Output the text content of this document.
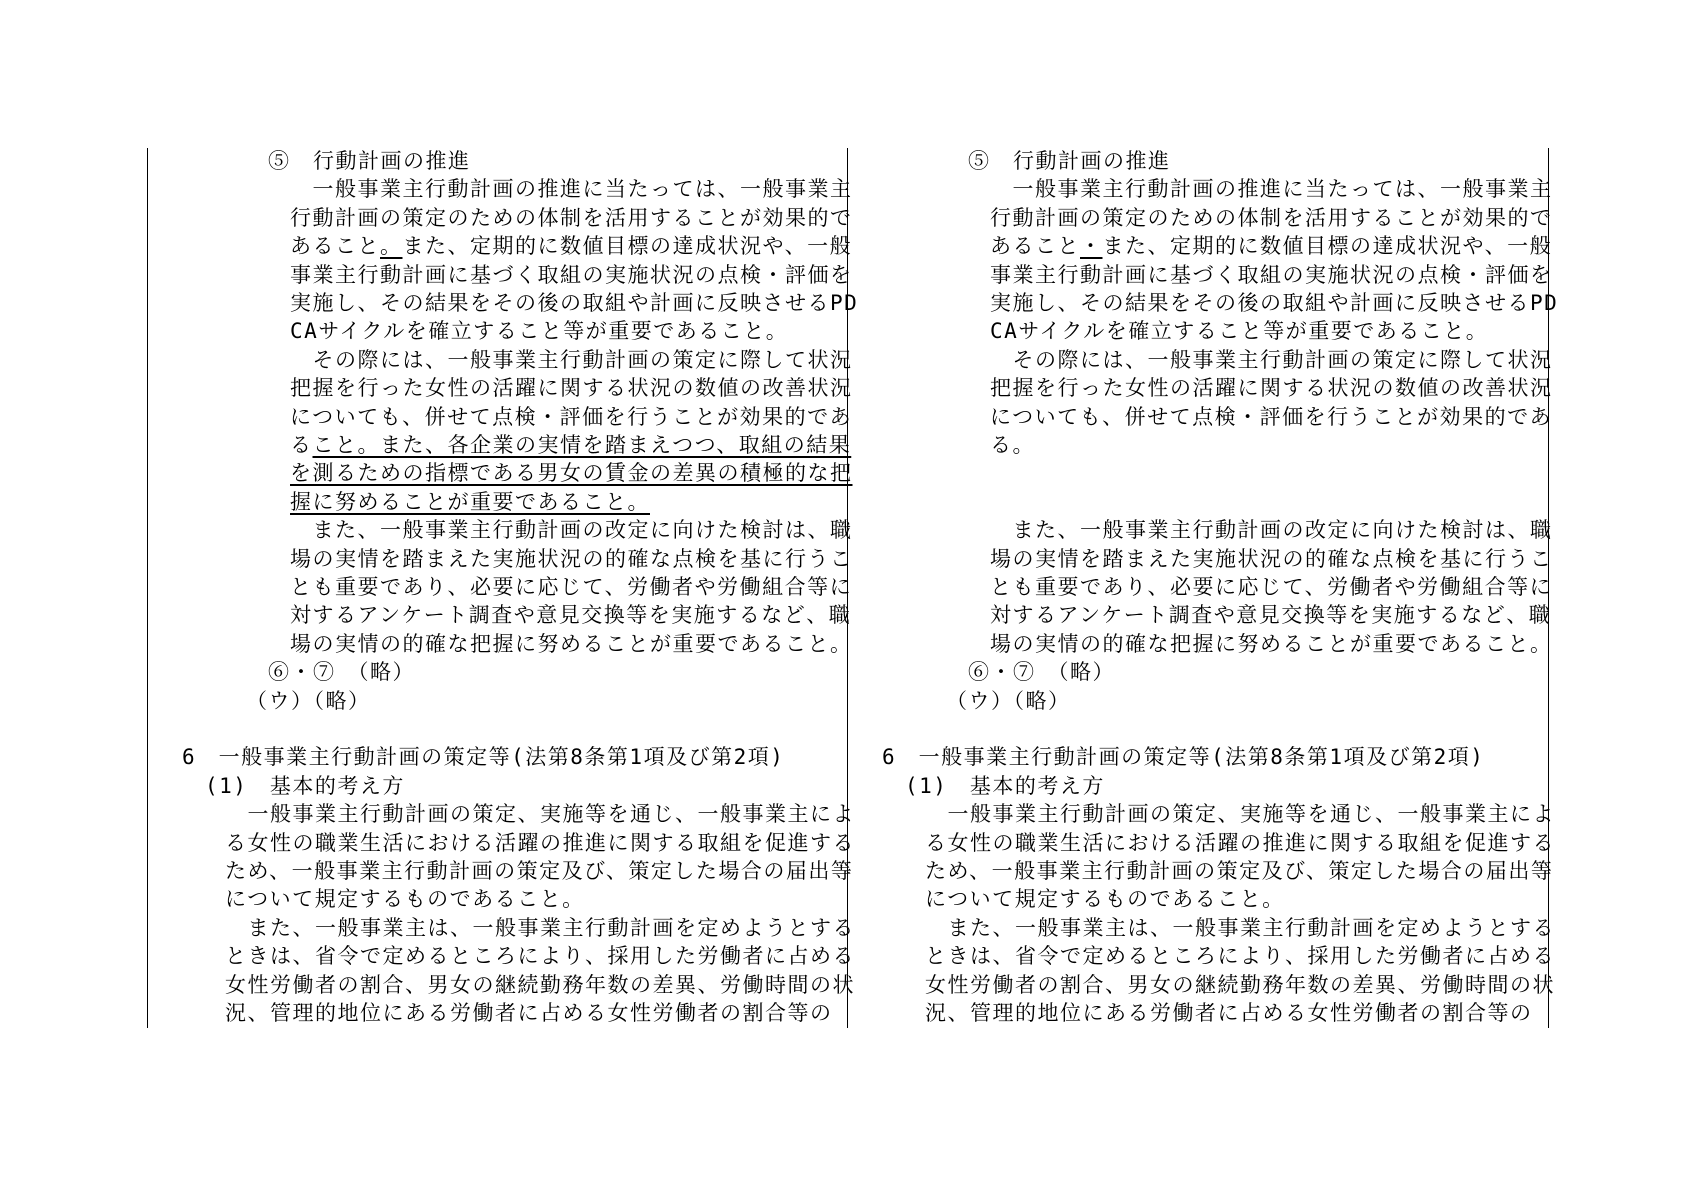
⑤　行動計画の推進
　一般事業主行動計画の推進に当たっては、一般事業主
行動計画の策定のための体制を活用することが効果的で
あること。また、定期的に数値目標の達成状況や、一般
事業主行動計画に基づく取組の実施状況の点検・評価を
実施し、その結果をその後の取組や計画に反映させるPD
CAサイクルを確立すること等が重要であること。
　その際には、一般事業主行動計画の策定に際して状況
把握を行った女性の活躍に関する状況の数値の改善状況
についても、併せて点検・評価を行うことが効果的であ
ること。また、各企業の実情を踏まえつつ、取組の結果
を測るための指標である男女の賃金の差異の積極的な把
握に努めることが重要であること。
　また、一般事業主行動計画の改定に向けた検討は、職
場の実情を踏まえた実施状況の的確な点検を基に行うこ
とも重要であり、必要に応じて、労働者や労働組合等に
対するアンケート調査や意見交換等を実施するなど、職
場の実情の的確な把握に努めることが重要であること。
⑥・⑦　（略）
（ウ）（略）
6　一般事業主行動計画の策定等(法第8条第1項及び第2項)
(1)　基本的考え方
　一般事業主行動計画の策定、実施等を通じ、一般事業主によ
る女性の職業生活における活躍の推進に関する取組を促進する
ため、一般事業主行動計画の策定及び、策定した場合の届出等
について規定するものであること。
　また、一般事業主は、一般事業主行動計画を定めようとする
ときは、省令で定めるところにより、採用した労働者に占める
女性労働者の割合、男女の継続勤務年数の差異、労働時間の状
況、管理的地位にある労働者に占める女性労働者の割合等の
⑤　行動計画の推進
　一般事業主行動計画の推進に当たっては、一般事業主
行動計画の策定のための体制を活用することが効果的で
あること・また、定期的に数値目標の達成状況や、一般
事業主行動計画に基づく取組の実施状況の点検・評価を
実施し、その結果をその後の取組や計画に反映させるPD
CAサイクルを確立すること等が重要であること。
　その際には、一般事業主行動計画の策定に際して状況
把握を行った女性の活躍に関する状況の数値の改善状況
についても、併せて点検・評価を行うことが効果的であ
る。
　また、一般事業主行動計画の改定に向けた検討は、職
場の実情を踏まえた実施状況の的確な点検を基に行うこ
とも重要であり、必要に応じて、労働者や労働組合等に
対するアンケート調査や意見交換等を実施するなど、職
場の実情の的確な把握に努めることが重要であること。
⑥・⑦　（略）
（ウ）（略）
6　一般事業主行動計画の策定等(法第8条第1項及び第2項)
(1)　基本的考え方
　一般事業主行動計画の策定、実施等を通じ、一般事業主によ
る女性の職業生活における活躍の推進に関する取組を促進する
ため、一般事業主行動計画の策定及び、策定した場合の届出等
について規定するものであること。
　また、一般事業主は、一般事業主行動計画を定めようとする
ときは、省令で定めるところにより、採用した労働者に占める
女性労働者の割合、男女の継続勤務年数の差異、労働時間の状
況、管理的地位にある労働者に占める女性労働者の割合等の
